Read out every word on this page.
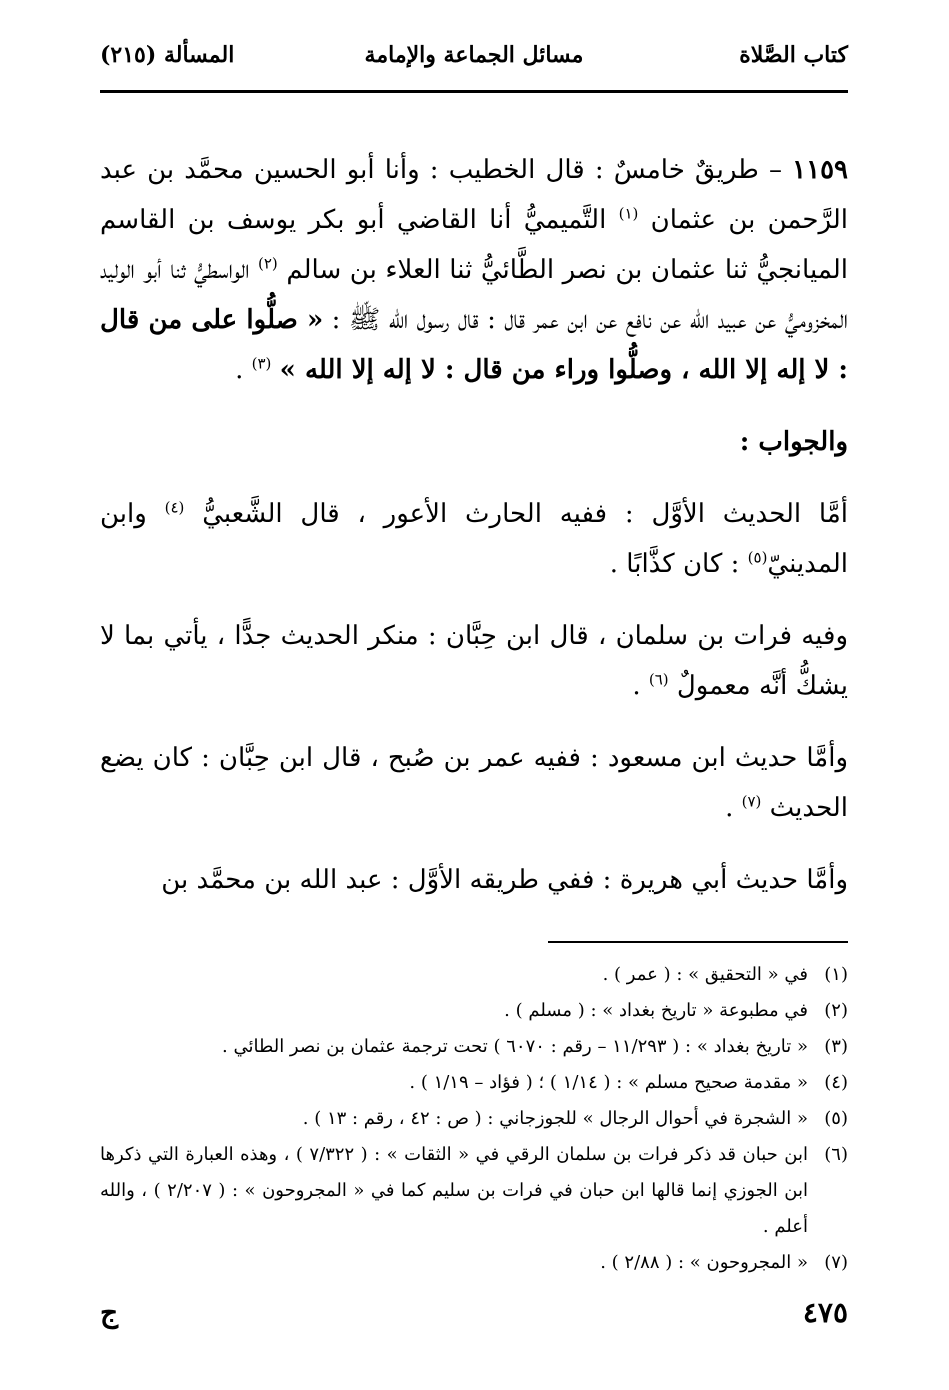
كتاب الصَّلاة
مسائل الجماعة والإمامة
المسألة (٢١٥)

١١٥٩ – طريقٌ خامسٌ : قال الخطيب : وأنا أبو الحسين محمَّد بن عبد الرَّحمن بن عثمان $^{(١)}$ التَّميميُّ أنا القاضي أبو بكر يوسف بن القاسم الميانجيُّ ثنا عثمان بن نصر الطَّائيُّ ثنا العلاء بن سالم $^{(٢)}$ الواسطيُّ ثنا أبو الوليد المخزوميُّ عن عبيد الله عن نافع عن ابن عمر قال : قال رسول الله ﷺ : « صلُّوا على من قال : لا إله إلا الله ، وصلُّوا وراء من قال : لا إله إلا الله » $^{(٣)}$ .

والجواب :

أمَّا الحديث الأوَّل : ففيه الحارث الأعور ، قال الشَّعبيُّ $^{(٤)}$ وابن المدينيّ$^{(٥)}$ : كان كذَّابًا .

وفيه فرات بن سلمان ، قال ابن حِبَّان : منكر الحديث جدًّا ، يأتي بما لا يشكُّ أنَّه معمولٌ $^{(٦)}$ .

وأمَّا حديث ابن مسعود : ففيه عمر بن صُبح ، قال ابن حِبَّان : كان يضع الحديث $^{(٧)}$ .

وأمَّا حديث أبي هريرة : ففي طريقه الأوَّل : عبد الله بن محمَّد بن

(١)
في « التحقيق » : ( عمر ) .
(٢)
في مطبوعة « تاريخ بغداد » : ( مسلم ) .
(٣)
« تاريخ بغداد » : ( ١١/٢٩٣ – رقم : ٦٠٧٠ ) تحت ترجمة عثمان بن نصر الطائي .
(٤)
« مقدمة صحيح مسلم » : ( ١/١٤ ) ؛ ( فؤاد – ١/١٩ ) .
(٥)
« الشجرة في أحوال الرجال » للجوزجاني : ( ص : ٤٢ ، رقم : ١٣ ) .
(٦)
ابن حبان قد ذكر فرات بن سلمان الرقي في « الثقات » : ( ٧/٣٢٢ ) ، وهذه العبارة التي ذكرها ابن الجوزي إنما قالها ابن حبان في فرات بن سليم كما في « المجروحون » : ( ٢/٢٠٧ ) ، والله أعلم .
(٧)
« المجروحون » : ( ٢/٨٨ ) .
٤٧٥
ج
